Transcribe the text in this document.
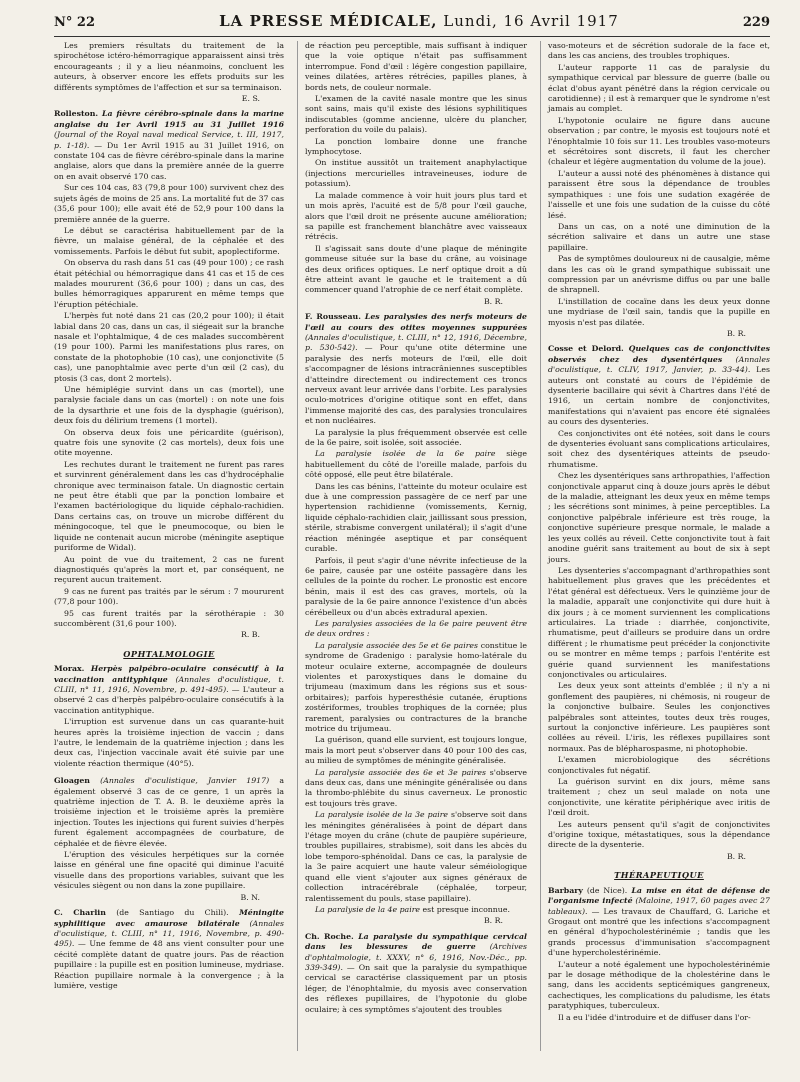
N° 22	LA PRESSE MÉDICALE, Lundi, 16 Avril 1917	229

Les premiers résultats du traitement de la spirochétose ictéro-hémorragique apparaissent ainsi très encourageants ; il y a lieu néanmoins, concluent les auteurs, à observer encore les effets produits sur les différents symptômes de l'affection et sur sa terminaison.

E. S.

Rolleston. La fièvre cérébro-spinale dans la marine anglaise du 1er Avril 1915 au 31 Juillet 1916 (Journal of the Royal naval medical Service, t. III, 1917, p. 1-18). — Du 1er Avril 1915 au 31 Juillet 1916, on constate 104 cas de fièvre cérébro-spinale dans la marine anglaise, alors que dans la première année de la guerre on en avait observé 170 cas.

Sur ces 104 cas, 83 (79,8 pour 100) survivent chez des sujets âgés de moins de 25 ans. La mortalité fut de 37 cas (35,6 pour 100); elle avait été de 52,9 pour 100 dans la première année de la guerre.

Le début se caractérisa habituellement par de la fièvre, un malaise général, de la céphalée et des vomissements. Parfois le début fut subit, apoplectiforme.

On observa du rash dans 51 cas (49 pour 100) ; ce rash était pétéchial ou hémorragique dans 41 cas et 15 de ces malades moururent (36,6 pour 100) ; dans un cas, des bulles hémorragiques apparurent en même temps que l'éruption pétéchiale.

L'herpès fut noté dans 21 cas (20,2 pour 100); il était labial dans 20 cas, dans un cas, il siégeait sur la branche nasale et l'ophtalmique, 4 de ces malades succombèrent (19 pour 100). Parmi les manifestations plus rares, on constate de la photophobie (10 cas), une conjonctivite (5 cas), une panophtalmie avec perte d'un œil (2 cas), du ptosis (3 cas, dont 2 mortels).

Une hémiplégie survint dans un cas (mortel), une paralysie faciale dans un cas (mortel) : on note une fois de la dysarthrie et une fois de la dysphagie (guérison), deux fois du délirium tremens (1 mortel).

On observa deux fois une péricardite (guérison), quatre fois une synovite (2 cas mortels), deux fois une otite moyenne.

Les rechutes durant le traitement ne furent pas rares et survinrent généralement dans les cas d'hydrocéphalie chronique avec terminaison fatale. Un diagnostic certain ne peut être établi que par la ponction lombaire et l'examen bactériologique du liquide céphalo-rachidien. Dans certains cas, on trouve un microbe différent du méningocoque, tel que le pneumocoque, ou bien le liquide ne contenait aucun microbe (méningite aseptique puriforme de Widal).

Au point de vue du traitement, 2 cas ne furent diagnostiqués qu'après la mort et, par conséquent, ne reçurent aucun traitement.

9 cas ne furent pas traités par le sérum : 7 moururent (77,8 pour 100).

95 cas furent traités par la sérothérapie : 30 succombèrent (31,6 pour 100).

R. B.
OPHTALMOLOGIE

Morax. Herpès palpébro-oculaire consécutif à la vaccination antityphique (Annales d'oculistique, t. CLIII, n° 11, 1916, Novembre, p. 491-495). — L'auteur a observé 2 cas d'herpès palpébro-oculaire consécutifs à la vaccination antityphique.

L'irruption est survenue dans un cas quarante-huit heures après la troisième injection de vaccin ; dans l'autre, le lendemain de la quatrième injection ; dans les deux cas, l'injection vaccinale avait été suivie par une violente réaction thermique (40°5).

Gloagen (Annales d'oculistique, Janvier 1917) a également observé 3 cas de ce genre, 1 un après la quatrième injection de T. A. B. le deuxième après la troisième injection et le troisième après la première injection. Toutes les injections qui furent suivies d'herpès furent également accompagnées de courbature, de céphalée et de fièvre élevée.

L'éruption des vésicules herpétiques sur la cornée laisse en général une fine opacité qui diminue l'acuité visuelle dans des proportions variables, suivant que les vésicules siègent ou non dans la zone pupillaire.

B. N.

C. Charlin (de Santiago du Chili). Méningite syphilitique avec amaurose bilatérale (Annales d'oculistique, t. CLIII, n° 11, 1916, Novembre, p. 490-495). — Une femme de 48 ans vient consulter pour une cécité complète datant de quatre jours. Pas de réaction pupillaire : la pupille est en position lumineuse, mydriase. Réaction pupillaire normale à la convergence ; à la lumière, vestige

de réaction peu perceptible, mais suffisant à indiquer que la voie optique n'était pas suffisamment interrompue. Fond d'œil : légère congestion papillaire, veines dilatées, artères rétrécies, papilles planes, à bords nets, de couleur normale.

L'examen de la cavité nasale montre que les sinus sont sains, mais qu'il existe des lésions syphilitiques indiscutables (gomme ancienne, ulcère du plancher, perforation du voile du palais).

La ponction lombaire donne une franche lymphocytose.

On institue aussitôt un traitement anaphylactique (injections mercurielles intraveineuses, iodure de potassium).

La malade commence à voir huit jours plus tard et un mois après, l'acuité est de 5/8 pour l'œil gauche, alors que l'œil droit ne présente aucune amélioration; sa papille est franchement blanchâtre avec vaisseaux rétrécis.

Il s'agissait sans doute d'une plaque de méningite gommeuse située sur la base du crâne, au voisinage des deux orifices optiques. Le nerf optique droit a dû être atteint avant le gauche et le traitement a dû commencer quand l'atrophie de ce nerf était complète.

B. R.

F. Rousseau. Les paralysies des nerfs moteurs de l'œil au cours des otites moyennes suppurées (Annales d'oculistique, t. CLIII, n° 12, 1916, Décembre, p. 530-542). — Pour qu'une otite détermine une paralysie des nerfs moteurs de l'œil, elle doit s'accompagner de lésions intracrâniennes susceptibles d'atteindre directement ou indirectement ces troncs nerveux avant leur arrivée dans l'orbite. Les paralysies oculo-motrices d'origine otitique sont en effet, dans l'immense majorité des cas, des paralysies tronculaires et non nucléaires.

La paralysie la plus fréquemment observée est celle de la 6e paire, soit isolée, soit associée.

La paralysie isolée de la 6e paire siège habituellement du côté de l'oreille malade, parfois du côté opposé, elle peut être bilatérale.

Dans les cas bénins, l'atteinte du moteur oculaire est due à une compression passagère de ce nerf par une hypertension rachidienne (vomissements, Kernig, liquide céphalo-rachidien clair, jaillissant sous pression, stérile, strabisme convergent unilatéral); il s'agit d'une réaction méningée aseptique et par conséquent curable.

Parfois, il peut s'agir d'une névrite infectieuse de la 6e paire, causée par une ostéite passagère dans les cellules de la pointe du rocher. Le pronostic est encore bénin, mais il est des cas graves, mortels, où la paralysie de la 6e paire annonce l'existence d'un abcès cérébelleux ou d'un abcès extradural apexien.

Les paralysies associées de la 6e paire peuvent être de deux ordres :

La paralysie associée des 5e et 6e paires constitue le syndrome de Gradenigo : paralysie homo-latérale du moteur oculaire externe, accompagnée de douleurs violentes et paroxystiques dans le domaine du trijumeau (maximum dans les régions sus et sous-orbitaires); parfois hyperesthésie cutanée, éruptions zostériformes, troubles trophiques de la cornée; plus rarement, paralysies ou contractures de la branche motrice du trijumeau.

La guérison, quand elle survient, est toujours longue, mais la mort peut s'observer dans 40 pour 100 des cas, au milieu de symptômes de méningite généralisée.

La paralysie associée des 6e et 3e paires s'observe dans deux cas, dans une méningite généralisée ou dans la thrombo-phlébite du sinus caverneux. Le pronostic est toujours très grave.

La paralysie isolée de la 3e paire s'observe soit dans les méningites généralisées à point de départ dans l'étage moyen du crâne (chute de paupière supérieure, troubles pupillaires, strabisme), soit dans les abcès du lobe temporo-sphénoïdal. Dans ce cas, la paralysie de la 3e paire acquiert une haute valeur séméiologique quand elle vient s'ajouter aux signes généraux de collection intracérébrale (céphalée, torpeur, ralentissement du pouls, stase papillaire).

La paralysie de la 4e paire est presque inconnue.

B. R.

Ch. Roche. La paralysie du sympathique cervical dans les blessures de guerre (Archives d'ophtalmologie, t. XXXV, n° 6, 1916, Nov.-Déc., pp. 339-349). — On sait que la paralysie du sympathique cervical se caractérise classiquement par un ptosis léger, de l'énophtalmie, du myosis avec conservation des réflexes pupillaires, de l'hypotonie du globe oculaire; à ces symptômes s'ajoutent des troubles

vaso-moteurs et de sécrétion sudorale de la face et, dans les cas anciens, des troubles trophiques.

L'auteur rapporte 11 cas de paralysie du sympathique cervical par blessure de guerre (balle ou éclat d'obus ayant pénétré dans la région cervicale ou carotidienne) ; il est à remarquer que le syndrome n'est jamais au complet.

L'hypotonie oculaire ne figure dans aucune observation ; par contre, le myosis est toujours noté et l'énophtalmie 10 fois sur 11. Les troubles vaso-moteurs et sécrétoires sont discrets, il faut les chercher (chaleur et légère augmentation du volume de la joue).

L'auteur a aussi noté des phénomènes à distance qui paraissent être sous la dépendance de troubles sympathiques : une fois une sudation exagérée de l'aisselle et une fois une sudation de la cuisse du côté lésé.

Dans un cas, on a noté une diminution de la sécrétion salivaire et dans un autre une stase papillaire.

Pas de symptômes douloureux ni de causalgie, même dans les cas où le grand sympathique subissait une compression par un anévrisme diffus ou par une balle de shrapnell.

L'instillation de cocaïne dans les deux yeux donne une mydriase de l'œil sain, tandis que la pupille en myosis n'est pas dilatée.

B. R.

Cosse et Delord. Quelques cas de conjonctivites observés chez des dysentériques (Annales d'oculistique, t. CLIV, 1917, Janvier, p. 33-44). Les auteurs ont constaté au cours de l'épidémie de dysenterie bacillaire qui sévit à Chartres dans l'été de 1916, un certain nombre de conjonctivites, manifestations qui n'avaient pas encore été signalées au cours des dysenteries.

Ces conjonctivites ont été notées, soit dans le cours de dysenteries évoluant sans complications articulaires, soit chez des dysentériques atteints de pseudo-rhumatisme.

Chez les dysentériques sans arthropathies, l'affection conjonctivale apparut cinq à douze jours après le début de la maladie, atteignant les deux yeux en même temps ; les sécrétions sont minimes, à peine perceptibles. La conjonctive palpébrale inférieure est très rouge, la conjonctive supérieure presque normale, le malade a les yeux collés au réveil. Cette conjonctivite tout à fait anodine guérit sans traitement au bout de six à sept jours.

Les dysenteries s'accompagnant d'arthropathies sont habituellement plus graves que les précédentes et l'état général est défectueux. Vers le quinzième jour de la maladie, apparaît une conjonctivite qui dure huit à dix jours ; à ce moment surviennent les complications articulaires. La triade : diarrhée, conjonctivite, rhumatisme, peut d'ailleurs se produire dans un ordre différent ; le rhumatisme peut précéder la conjonctivite ou se montrer en même temps ; parfois l'entérite est guérie quand surviennent les manifestations conjonctivales ou articulaires.

Les deux yeux sont atteints d'emblée ; il n'y a ni gonflement des paupières, ni chémosis, ni rougeur de la conjonctive bulbaire. Seules les conjonctives palpébrales sont atteintes, toutes deux très rouges, surtout la conjonctive inférieure. Les paupières sont collées au réveil. L'iris, les réflexes pupillaires sont normaux. Pas de blépharospasme, ni photophobie.

L'examen microbiologique des sécrétions conjonctivales fut négatif.

La guérison survint en dix jours, même sans traitement ; chez un seul malade on nota une conjonctivite, une kératite périphérique avec iritis de l'œil droit.

Les auteurs pensent qu'il s'agit de conjonctivites d'origine toxique, métastatiques, sous la dépendance directe de la dysenterie.

B. R.
THÉRAPEUTIQUE

Barbary (de Nice). La mise en état de défense de l'organisme infecté (Maloine, 1917, 60 pages avec 27 tableaux). — Les travaux de Chauffard, G. Lariche et Grogaut ont montré que les infections s'accompagnent en général d'hypocholestérinémie ; tandis que les grands processus d'immunisation s'accompagnent d'une hypercholestérinémie.

L'auteur a noté également une hypocholestérinémie par le dosage méthodique de la cholestérine dans le sang, dans les accidents septicémiques gangreneux, cachectiques, les complications du paludisme, les états paratyphiques, tuberculeux.

Il a eu l'idée d'introduire et de diffuser dans l'or-
